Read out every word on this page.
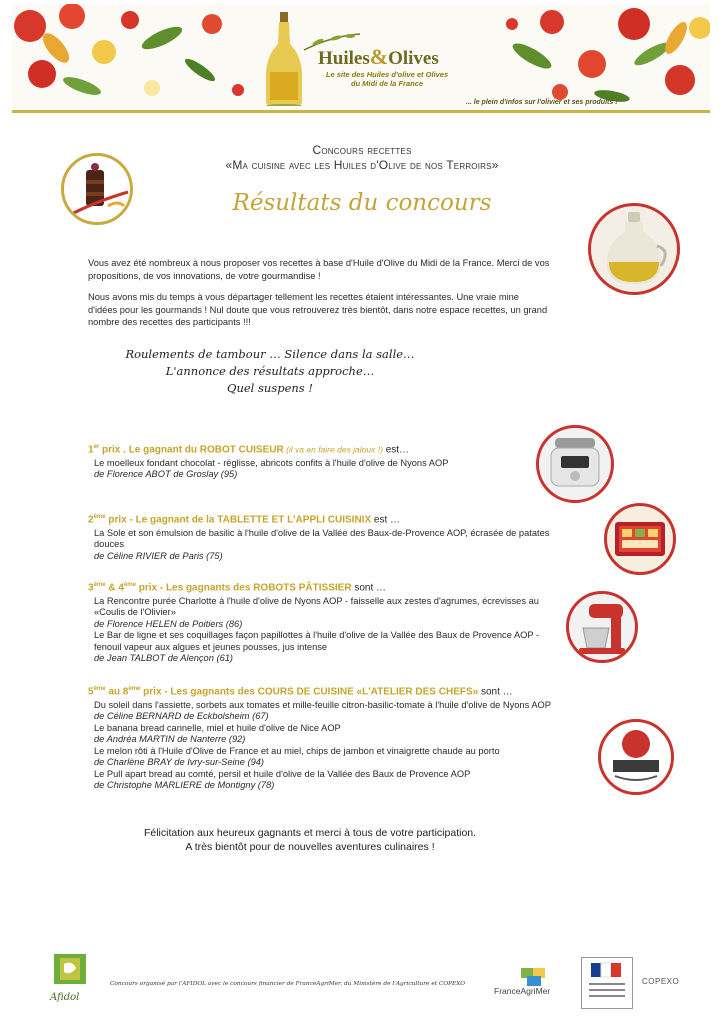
Huiles&Olives
Le site des Huiles d'olive et Olives
du Midi de la France
... le plein d'infos sur l'olivier et ses produits !
Concours recettes
«Ma cuisine avec les Huiles d'Olive de nos Terroirs»
Résultats du concours
Vous avez été nombreux à nous proposer vos recettes à base d'Huile d'Olive du Midi de la France. Merci de vos propositions, de vos innovations, de votre gourmandise !
Nous avons mis du temps à vous départager tellement les recettes étaient intéressantes. Une vraie mine d'idées pour les gourmands ! Nul doute que vous retrouverez très bientôt, dans notre espace recettes, un grand nombre des recettes des participants !!!
Roulements de tambour … Silence dans la salle…
L'annonce des résultats approche…
Quel suspens !
1er prix . Le gagnant du ROBOT CUISEUR (il va en faire des jaloux !) est…
Le moelleux fondant chocolat - réglisse, abricots confits à l'huile d'olive de Nyons AOP
de Florence ABOT de Groslay (95)
2ème prix - Le gagnant de la TABLETTE ET L'APPLI CUISINIX est …
La Sole et son émulsion de basilic à l'huile d'olive de la Vallée des Baux-de-Provence AOP, écrasée de patates douces
de Céline RIVIER de Paris (75)
3ème & 4ème prix - Les gagnants des ROBOTS PÂTISSIER sont …
La Rencontre purée Charlotte à l'huile d'olive de Nyons AOP - faisselle aux zestes d'agrumes, écrevisses au «Coulis de l'Olivier»
de Florence HELEN de Poitiers (86)
Le Bar de ligne et ses coquillages façon papillottes à l'huile d'olive de la Vallée des Baux de Provence AOP - fenouil vapeur aux algues et jeunes pousses, jus intense
de Jean TALBOT de Alençon (61)
5ème au 8ème prix - Les gagnants des COURS DE CUISINE «L'ATELIER DES CHEFS» sont …
Du soleil dans l'assiette, sorbets aux tomates et mille-feuille citron-basilic-tomate à l'huile d'olive de Nyons AOP
de Céline BERNARD de Eckbolsheim (67)
Le banana bread cannelle, miel et huile d'olive de Nice AOP
de Andréa MARTIN de Nanterre (92)
Le melon rôti à l'Huile d'Olive de France et au miel, chips de jambon et vinaigrette chaude au porto
de Charlène BRAY de Ivry-sur-Seine (94)
Le Pull apart bread au comté, persil et huile d'olive de la Vallée des Baux de Provence AOP
de Christophe MARLIERE de Montigny (78)
Félicitation aux heureux gagnants et merci à tous de votre participation.
A très bientôt pour de nouvelles aventures culinaires !
Afidol
Concours organisé par l'AFIDOL avec le concours financier de FranceAgriMer, du Ministère de l'Agriculture et COPEXO
FranceAgriMer
COPEXO
